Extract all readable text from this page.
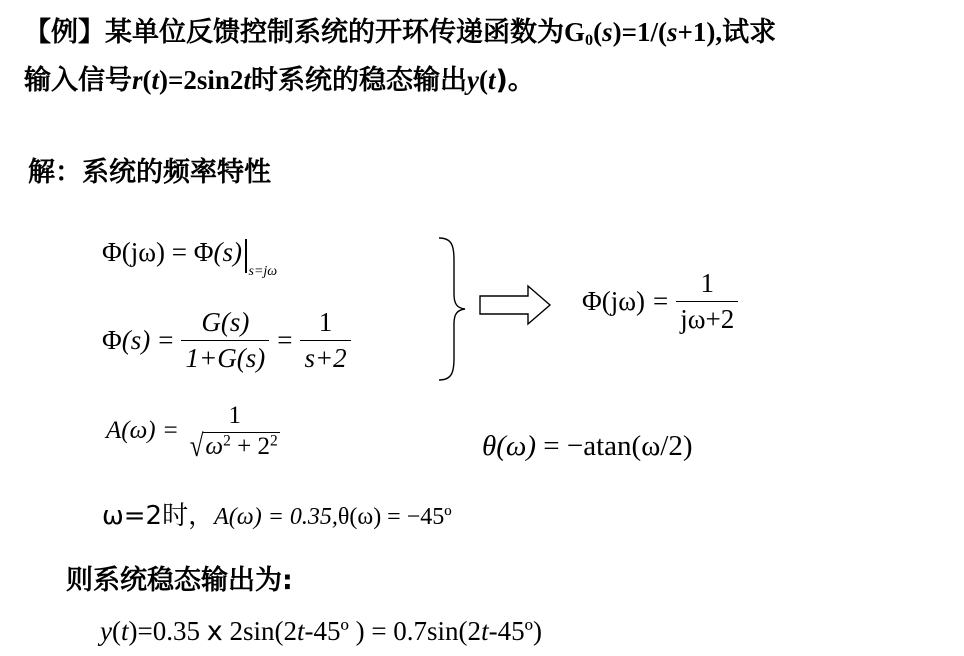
【例】某单位反馈控制系统的开环传递函数为$G_0(s)=1/(s+1)$,试求
输入信号r(t)=2sin2t时系统的稳态输出y(t)。
解：系统的频率特性
$\Phi(j\omega) = \Phi(s)_{s=j\omega}$
$\Phi(s) = \frac{G(s)}{1+G(s)} = \frac{1}{s+2}$
$\Phi(j\omega) = \frac{1}{j\omega+2}$
A(ω) =
1
$√\omega^2 + 2^2$	θ(ω) = −atan(ω/2)
ω=2时，A(ω) = 0.35,θ(ω) = −45º
则系统稳态输出为:
y(t)=0.35 x 2sin(2t-45º ) = 0.7sin(2t-45º)
